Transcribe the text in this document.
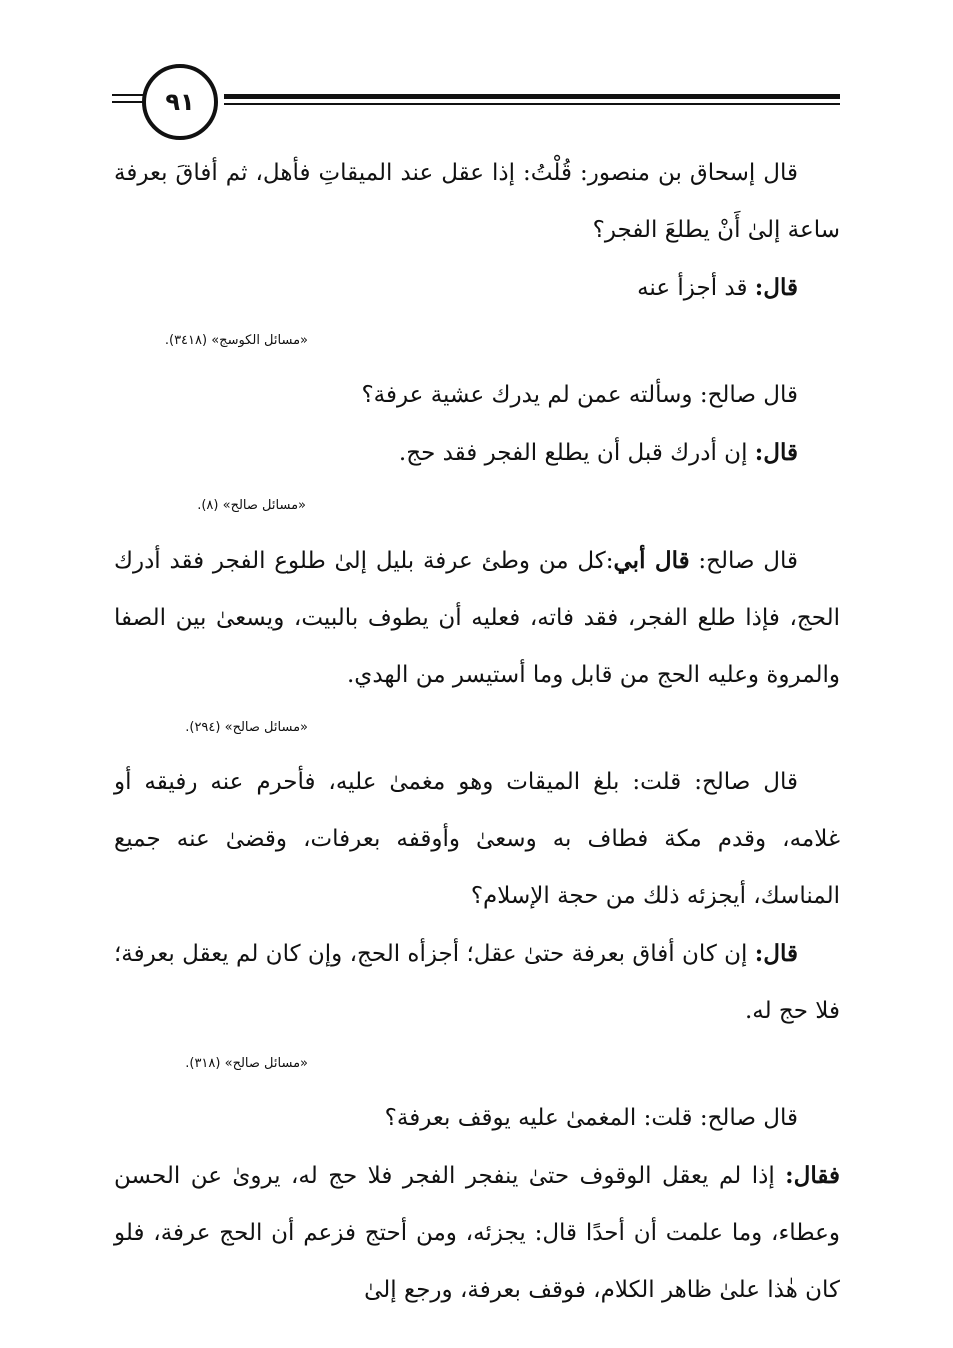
٩١

قال إسحاق بن منصور: قُلْتُ: إذا عقل عند الميقاتِ فأهل، ثم أفاقَ بعرفة ساعة إلىٰ أَنْ يطلعَ الفجر؟

قال: قد أجزأ عنه

«مسائل الكوسج» (٣٤١٨).

قال صالح: وسألته عمن لم يدرك عشية عرفة؟

قال: إن أدرك قبل أن يطلع الفجر فقد حج.

«مسائل صالح» (٨).

قال صالح: قال أبي:كل من وطئ عرفة بليل إلىٰ طلوع الفجر فقد أدرك الحج، فإذا طلع الفجر، فقد فاته، فعليه أن يطوف بالبيت، ويسعىٰ بين الصفا والمروة وعليه الحج من قابل وما أستيسر من الهدي.

«مسائل صالح» (٢٩٤).

قال صالح: قلت: بلغ الميقات وهو مغمىٰ عليه، فأحرم عنه رفيقه أو غلامه، وقدم مكة فطاف به وسعىٰ وأوقفه بعرفات، وقضىٰ عنه جميع المناسك، أيجزئه ذلك من حجة الإسلام؟

قال: إن كان أفاق بعرفة حتىٰ عقل؛ أجزأه الحج، وإن كان لم يعقل بعرفة؛ فلا حج له.

«مسائل صالح» (٣١٨).

قال صالح: قلت: المغمىٰ عليه يوقف بعرفة؟

فقال: إذا لم يعقل الوقوف حتىٰ ينفجر الفجر فلا حج له، يروىٰ عن الحسن وعطاء، وما علمت أن أحدًا قال: يجزئه، ومن أحتج فزعم أن الحج عرفة، فلو كان هٰذا علىٰ ظاهر الكلام، فوقف بعرفة، ورجع إلىٰ
